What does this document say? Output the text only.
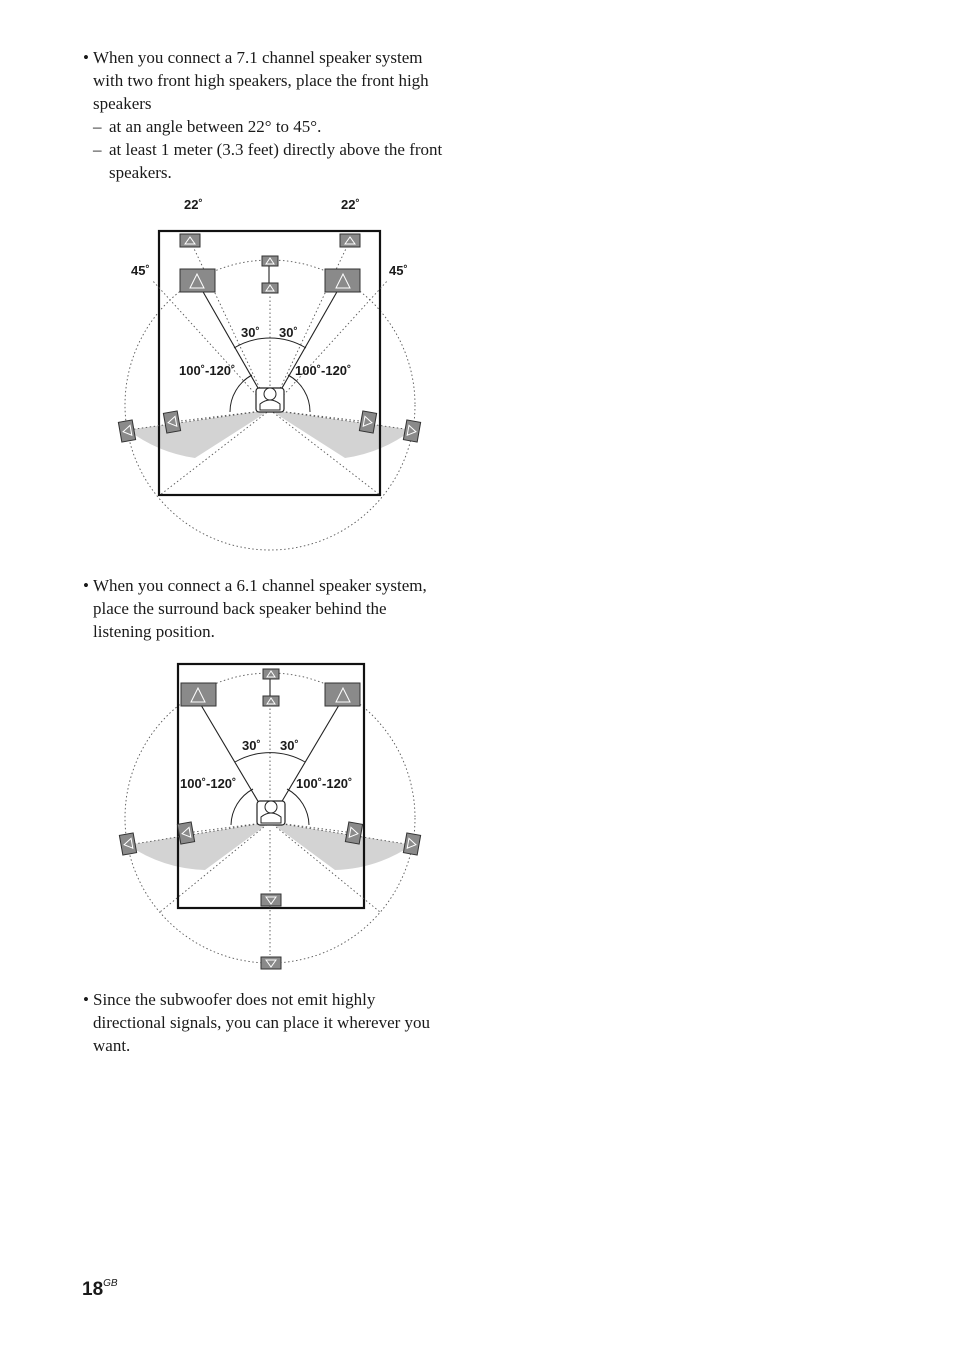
• When you connect a 7.1 channel speaker system
with two front high speakers, place the front high
speakers
– at an angle between 22° to 45°.
– at least 1 meter (3.3 feet) directly above the front
speakers.
22˚	22˚
45˚	45˚
30˚ 30˚
100˚-120˚	100˚-120˚
• When you connect a 6.1 channel speaker system,
place the surround back speaker behind the
listening position.
30˚ 30˚
100˚-120˚	100˚-120˚
• Since the subwoofer does not emit highly
directional signals, you can place it wherever you
want.
$18^{GB}$
